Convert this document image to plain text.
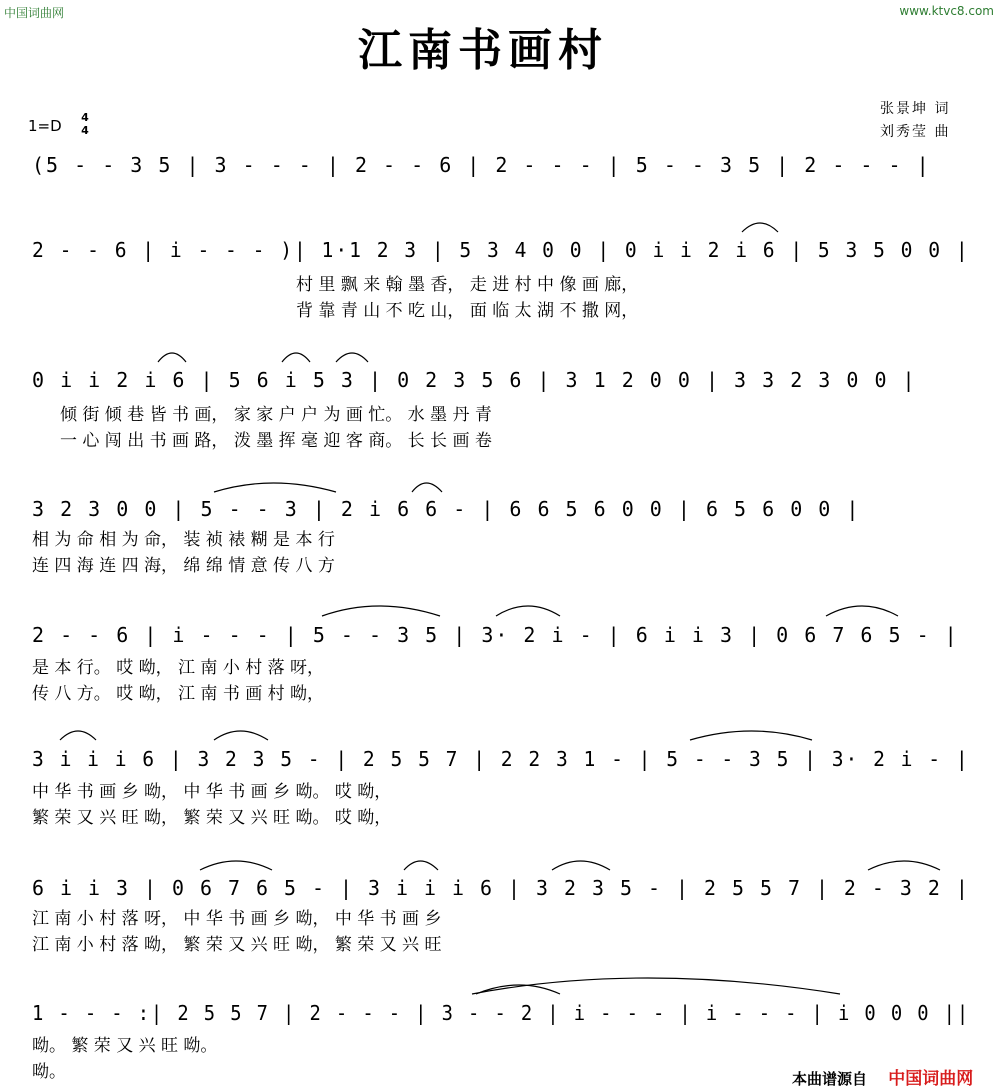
中国词曲网	www.ktvc8.com
江南书画村
1=D 4
4
张景坤 词
刘秀莹 曲
(5 - - 3 5 | 3 - - - | 2 - - 6 | 2 - - - | 5 - - 3 5 | 2 - - - |
2 - - 6 | i - - - )| 1·1 2 3 | 5 3 4 0 0 | 0 i i 2 i 6 | 5 3 5 0 0 |
村 里 飘 来 翰 墨 香， 走 进 村 中 像 画 廊，
背 靠 青 山 不 吃 山， 面 临 太 湖 不 撒 网，
0 i i 2 i 6 | 5 6 i 5 3 | 0 2 3 5 6 | 3 1 2 0 0 | 3 3 2 3 0 0 |
倾 街 倾 巷 皆 书 画， 家 家 户 户 为 画 忙。 水 墨 丹 青
一 心 闯 出 书 画 路， 泼 墨 挥 毫 迎 客 商。 长 长 画 卷
3 2 3 0 0 | 5 - - 3 | 2 i 6 6 - | 6 6 5 6 0 0 | 6 5 6 0 0 |
相 为 命 相 为 命， 装 祯 裱 糊 是 本 行
连 四 海 连 四 海， 绵 绵 情 意 传 八 方
2 - - 6 | i - - - | 5 - - 3 5 | 3· 2 i - | 6 i i 3 | 0 6 7 6 5 - |
是 本 行。 哎 呦， 江 南 小 村 落 呀，
传 八 方。 哎 呦， 江 南 书 画 村 呦，
3 i i i 6 | 3 2 3 5 - | 2 5 5 7 | 2 2 3 1 - | 5 - - 3 5 | 3· 2 i - |
中 华 书 画 乡 呦， 中 华 书 画 乡 呦。 哎 呦，
繁 荣 又 兴 旺 呦， 繁 荣 又 兴 旺 呦。 哎 呦，
6 i i 3 | 0 6 7 6 5 - | 3 i i i 6 | 3 2 3 5 - | 2 5 5 7 | 2 - 3 2 |
江 南 小 村 落 呀， 中 华 书 画 乡 呦， 中 华 书 画 乡
江 南 小 村 落 呦， 繁 荣 又 兴 旺 呦， 繁 荣 又 兴 旺
1 - - - :| 2 5 5 7 | 2 - - - | 3 - - 2 | i - - - | i - - - | i 0 0 0 ||
呦。 繁 荣 又 兴 旺 呦。
呦。	本曲谱源自 中国词曲网
